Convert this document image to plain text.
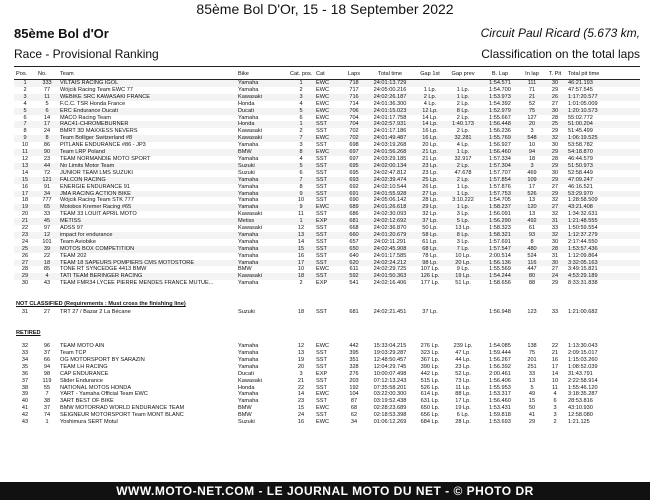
85ème Bol D'Or, 15 - 18 September 2022
85ème Bol d'Or	Circuit Paul Ricard (5.673 km,
Race - Provisional Ranking	Classification on the total laps
Pos.	No.	Team	Bike	Cat. pos.	Cat	Laps	Total time	Gap 1st	Gap prev	B. Lap	In lap	T. Pit	Total pit time
1	333	VILTAIS RACING IGOL	Yamaha	1	EWC	718	24:01:13.729			1:54.571	111	30	46:21.193
2	77	Wójcik Racing Team EWC 77	Yamaha	2	EWC	717	24:05:00.216	1 Lp.	1 Lp.	1:54.700	71	29	47:57.545
3	11	WEBIKE SRC KAWASAKI FRANCE	Kawasaki	3	EWC	716	24:02:26.187	2 Lp.	1 Lp.	1:53.973	21	26	1:17:20.577
4	5	F.C.C. TSR Honda France	Honda	4	EWC	714	24:01:36.300	4 Lp.	2 Lp.	1:54.392	52	27	1:01:05.009
5	6	ERC Endurance Ducati	Ducati	5	EWC	706	24:01:15.023	12 Lp.	8 Lp.	1:52.979	75	30	1:20:10.573
6	14	MACO Racing Team	Yamaha	6	EWC	704	24:01:17.758	14 Lp.	2 Lp.	1:55.667	127	28	55:02.772
7	17	RAC41-CHROMEBURNER	Honda	1	SST	704	24:02:57.931	14 Lp.	1:40.173	1:56.448	20	25	51:00.204
8	24	BMRT 3D MAXXESS NEVERS	Kawasaki	2	SST	702	24:01:17.186	16 Lp.	2 Lp.	1:56.236	3	29	51:45.499
9	8	Team Bolliger Switzerland #8	Kawasaki	7	EWC	702	24:01:49.487	16 Lp.	32.281	1:55.769	548	32	1:06:19.525
10	86	PITLANE ENDURANCE #86 - JP3	Yamaha	3	SST	698	24:03:19.268	20 Lp.	4 Lp.	1:56.927	10	30	53:58.782
11	90	Team LRP Poland	BMW	8	EWC	697	24:01:56.268	21 Lp.	1 Lp.	1:56.460	94	29	54:18.870
12	23	TEAM NORMANDIE MOTO SPORT	Yamaha	4	SST	697	24:03:29.185	21 Lp.	32.917	1:57.334	18	28	46:44.579
13	44	No Limits Motor Team	Suzuki	5	SST	695	24:02:00.134	23 Lp.	2 Lp.	1:57.304	3	29	51:50.973
14	72	JUNIOR TEAM LMS SUZUKI	Suzuki	6	SST	695	24:02:47.812	23 Lp.	47.678	1:57.707	469	30	52:58.449
15	121	FALCON RACING	Yamaha	7	SST	693	24:02:39.474	25 Lp.	2 Lp.	1:57.854	109	29	47:09.247
16	91	ENERGIE ENDURANCE 91	Yamaha	8	SST	692	24:02:10.544	26 Lp.	1 Lp.	1:57.876	17	27	46:16.521
17	34	JMA RACING ACTION BIKE	Yamaha	9	SST	691	24:01:55.928	27 Lp.	1 Lp.	1:57.753	526	29	53:29.970
18	777	Wójcik Racing Team STK 777	Yamaha	10	SST	690	24:05:06.142	28 Lp.	3:10.222	1:54.705	13	32	1:28:58.509
19	65	Motobox Kremer Racing #65	Yamaha	9	EWC	689	24:01:26.618	29 Lp.	1 Lp.	1:58.237	120	27	43:21.408
20	33	TEAM 33 LOUIT APRIL MOTO	Kawasaki	11	SST	686	24:02:30.093	32 Lp.	3 Lp.	1:56.091	13	32	1:34:32.631
21	45	METISS	Metiss	1	EXP	681	24:02:12.692	37 Lp.	5 Lp.	1:56.290	492	31	1:21:48.555
22	97	ADSS 97	Kawasaki	12	SST	668	24:02:36.870	50 Lp.	13 Lp.	1:58.323	61	33	1:50:59.554
23	12	impact for endurance	Yamaha	13	SST	660	24:01:20.679	58 Lp.	8 Lp.	1:58.321	93	32	1:12:37.279
24	101	Team Aviobike	Yamaha	14	SST	657	24:02:11.291	61 Lp.	3 Lp.	1:57.691	8	30	2:17:44.550
25	39	MOTOS BOX COMPETITION	Yamaha	15	SST	650	24:02:45.908	68 Lp.	7 Lp.	1:57.547	480	28	1:53:57.436
26	22	TEAM 202	Yamaha	16	SST	640	24:01:17.585	78 Lp.	10 Lp.	2:00.514	524	31	1:12:09.864
27	18	TEAM 18 SAPEURS POMPIERS CMS MOTOSTORE	Yamaha	17	SST	620	24:02:24.212	98 Lp.	20 Lp.	1:56.136	116	30	3:32:05.163
28	85	TONE RT SYNCEDGE 4413 BMW	BMW	10	EWC	611	24:02:29.725	107 Lp.	9 Lp.	1:55.569	447	27	3:49:15.821
29	4	TATI TEAM BERINGER RACING	Kawasaki	18	SST	592	24:01:50.363	126 Lp.	19 Lp.	1:54.244	80	24	4:53:29.189
30	43	TEAM FMR34 LYCÉE PIERRE MENDES FRANCE MUTUE...	Yamaha	2	EXP	541	24:02:16.406	177 Lp.	51 Lp.	1:58.656	88	29	8:33:31.838

NOT CLASSIFIED (Requirements : Must cross the finishing line)													
31	27	TRT 27 / Bazar 2 La Bécane	Suzuki	18	SST	681	24:02:21.451	37 Lp.		1:56.948	123	33	1:21:00.682

RETIRED													

32	96	TEAM MOTO AIN	Yamaha	12	EWC	442	15:33:04.215	276 Lp.	239 Lp.	1:54.085	138	22	1:13:30.043
33	37	Team TCP	Yamaha	13	SST	395	19:03:29.287	323 Lp.	47 Lp.	1:59.444	75	21	2:09:15.017
34	66	OG MOTORSPORT BY SARAZIN	Yamaha	19	SST	351	12:48:50.457	367 Lp.	44 Lp.	1:56.267	201	16	1:15:03.260
35	94	TEAM LH RACING	Yamaha	20	SST	328	12:04:29.745	390 Lp.	23 Lp.	1:56.392	251	17	1:08:52.039
36	98	CAP ENDURANCE	Ducati	3	EXP	276	10:00:07.498	442 Lp.	52 Lp.	2:00.461	33	14	31:43.791
37	119	Slider Endurance	Kawasaki	21	SST	203	07:12:13.243	515 Lp.	73 Lp.	1:56.406	13	10	2:22:58.914
38	55	NATIONAL MOTOS HONDA	Honda	22	SST	192	07:35:58.201	526 Lp.	11 Lp.	1:55.953	5	11	1:55:46.120
39	7	YART - Yamaha Official Team EWC	Yamaha	14	EWC	104	03:22:00.300	614 Lp.	88 Lp.	1:53.317	49	4	3:18:35.287
40	38	3ART BEST OF BIKE	Yamaha	23	SST	87	03:19:52.438	631 Lp.	17 Lp.	1:56.460	15	6	28:53.816
41	37	BMW MOTORRAD WORLD ENDURANCE TEAM	BMW	15	EWC	68	02:28:23.689	650 Lp.	19 Lp.	1:53.431	50	3	43:10.930
42	74	SEIGNEUR MOTORSPORT Team MONT BLANC	BMW	24	SST	62	02:18:53.398	656 Lp.	6 Lp.	1:59.818	41	3	12:58.080
43	1	Yoshimura SERT Motul	Suzuki	16	EWC	34	01:06:12.269	684 Lp.	28 Lp.	1:53.693	29	2	1:21.125
WWW.MOTO-NET.COM - LE JOURNAL MOTO DU NET - © PHOTO DR
